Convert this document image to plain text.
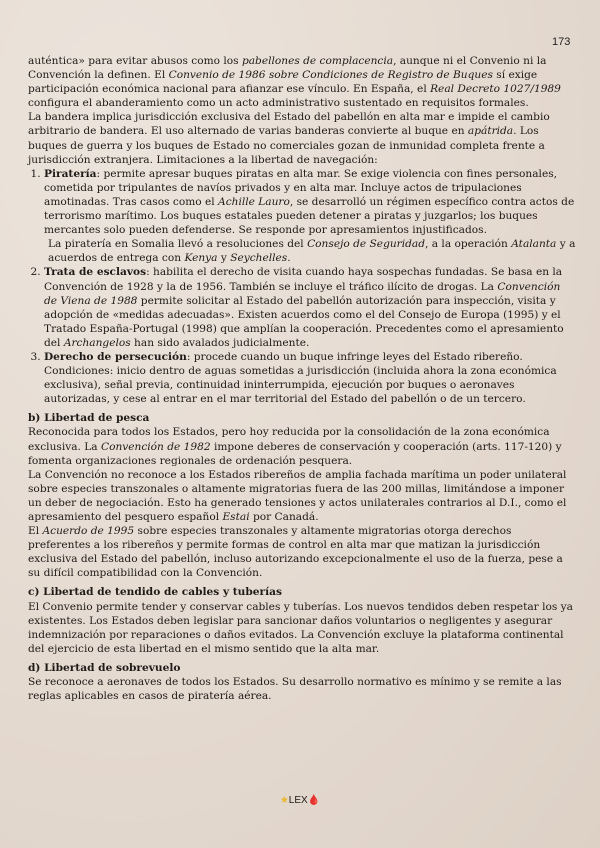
173

auténtica» para evitar abusos como los pabellones de complacencia, aunque ni el Convenio ni la Convención la definen. El Convenio de 1986 sobre Condiciones de Registro de Buques sí exige participación económica nacional para afianzar ese vínculo. En España, el Real Decreto 1027/1989 configura el abanderamiento como un acto administrativo sustentado en requisitos formales.

La bandera implica jurisdicción exclusiva del Estado del pabellón en alta mar e impide el cambio arbitrario de bandera. El uso alternado de varias banderas convierte al buque en apátrida. Los buques de guerra y los buques de Estado no comerciales gozan de inmunidad completa frente a jurisdicción extranjera. Limitaciones a la libertad de navegación:

1. Piratería: permite apresar buques piratas en alta mar. Se exige violencia con fines personales, cometida por tripulantes de navíos privados y en alta mar. Incluye actos de tripulaciones amotinadas. Tras casos como el Achille Lauro, se desarrolló un régimen específico contra actos de terrorismo marítimo. Los buques estatales pueden detener a piratas y juzgarlos; los buques mercantes solo pueden defenderse. Se responde por apresamientos injustificados.

La piratería en Somalia llevó a resoluciones del Consejo de Seguridad, a la operación Atalanta y a acuerdos de entrega con Kenya y Seychelles.

2. Trata de esclavos: habilita el derecho de visita cuando haya sospechas fundadas. Se basa en la Convención de 1928 y la de 1956. También se incluye el tráfico ilícito de drogas. La Convención de Viena de 1988 permite solicitar al Estado del pabellón autorización para inspección, visita y adopción de «medidas adecuadas». Existen acuerdos como el del Consejo de Europa (1995) y el Tratado España-Portugal (1998) que amplían la cooperación. Precedentes como el apresamiento del Archangelos han sido avalados judicialmente.
3. Derecho de persecución: procede cuando un buque infringe leyes del Estado ribereño. Condiciones: inicio dentro de aguas sometidas a jurisdicción (incluida ahora la zona económica exclusiva), señal previa, continuidad ininterrumpida, ejecución por buques o aeronaves autorizadas, y cese al entrar en el mar territorial del Estado del pabellón o de un tercero.

b) Libertad de pesca

Reconocida para todos los Estados, pero hoy reducida por la consolidación de la zona económica exclusiva. La Convención de 1982 impone deberes de conservación y cooperación (arts. 117-120) y fomenta organizaciones regionales de ordenación pesquera.

La Convención no reconoce a los Estados ribereños de amplia fachada marítima un poder unilateral sobre especies transzonales o altamente migratorias fuera de las 200 millas, limitándose a imponer un deber de negociación. Esto ha generado tensiones y actos unilaterales contrarios al D.I., como el apresamiento del pesquero español Estai por Canadá.

El Acuerdo de 1995 sobre especies transzonales y altamente migratorias otorga derechos preferentes a los ribereños y permite formas de control en alta mar que matizan la jurisdicción exclusiva del Estado del pabellón, incluso autorizando excepcionalmente el uso de la fuerza, pese a su difícil compatibilidad con la Convención.

c) Libertad de tendido de cables y tuberías

El Convenio permite tender y conservar cables y tuberías. Los nuevos tendidos deben respetar los ya existentes. Los Estados deben legislar para sancionar daños voluntarios o negligentes y asegurar indemnización por reparaciones o daños evitados. La Convención excluye la plataforma continental del ejercicio de esta libertad en el mismo sentido que la alta mar.

d) Libertad de sobrevuelo

Se reconoce a aeronaves de todos los Estados. Su desarrollo normativo es mínimo y se remite a las reglas aplicables en casos de piratería aérea.

★LEX🩸
